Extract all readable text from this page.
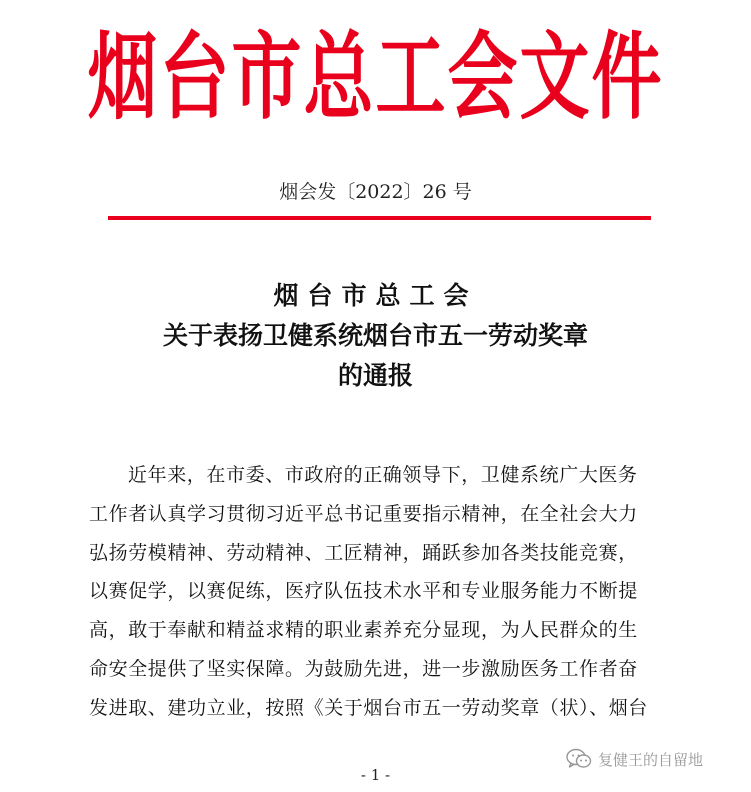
烟台市总工会文件
烟会发〔2022〕26 号
烟台市总工会
关于表扬卫健系统烟台市五一劳动奖章
的通报
近年来，在市委、市政府的正确领导下，卫健系统广大医务
工作者认真学习贯彻习近平总书记重要指示精神，在全社会大力
弘扬劳模精神、劳动精神、工匠精神，踊跃参加各类技能竞赛，
以赛促学，以赛促练，医疗队伍技术水平和专业服务能力不断提
高，敢于奉献和精益求精的职业素养充分显现，为人民群众的生
命安全提供了坚实保障。为鼓励先进，进一步激励医务工作者奋
发进取、建功立业，按照《关于烟台市五一劳动奖章（状）、烟台
- 1 -
复健王的自留地
